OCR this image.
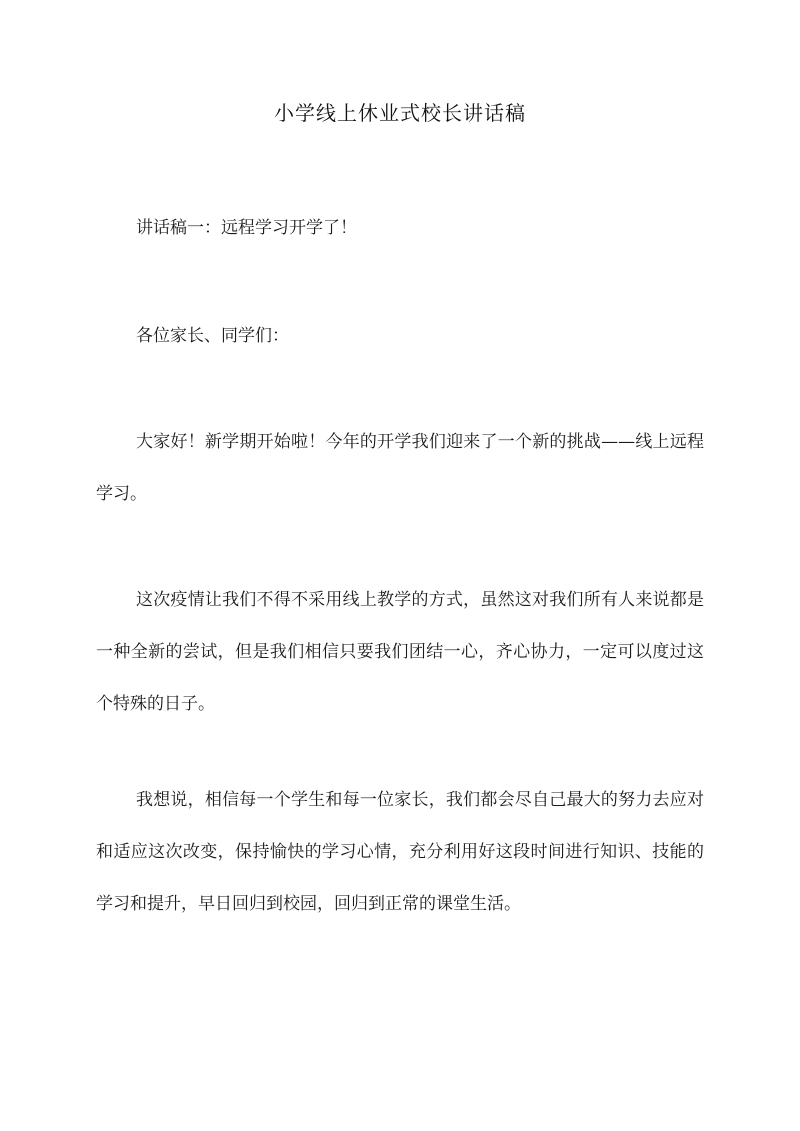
小学线上休业式校长讲话稿

讲话稿一：远程学习开学了！

各位家长、同学们：

大家好！新学期开始啦！今年的开学我们迎来了一个新的挑战——线上远程学习。

这次疫情让我们不得不采用线上教学的方式，虽然这对我们所有人来说都是一种全新的尝试，但是我们相信只要我们团结一心，齐心协力，一定可以度过这个特殊的日子。

我想说，相信每一个学生和每一位家长，我们都会尽自己最大的努力去应对和适应这次改变，保持愉快的学习心情，充分利用好这段时间进行知识、技能的学习和提升，早日回归到校园，回归到正常的课堂生活。
